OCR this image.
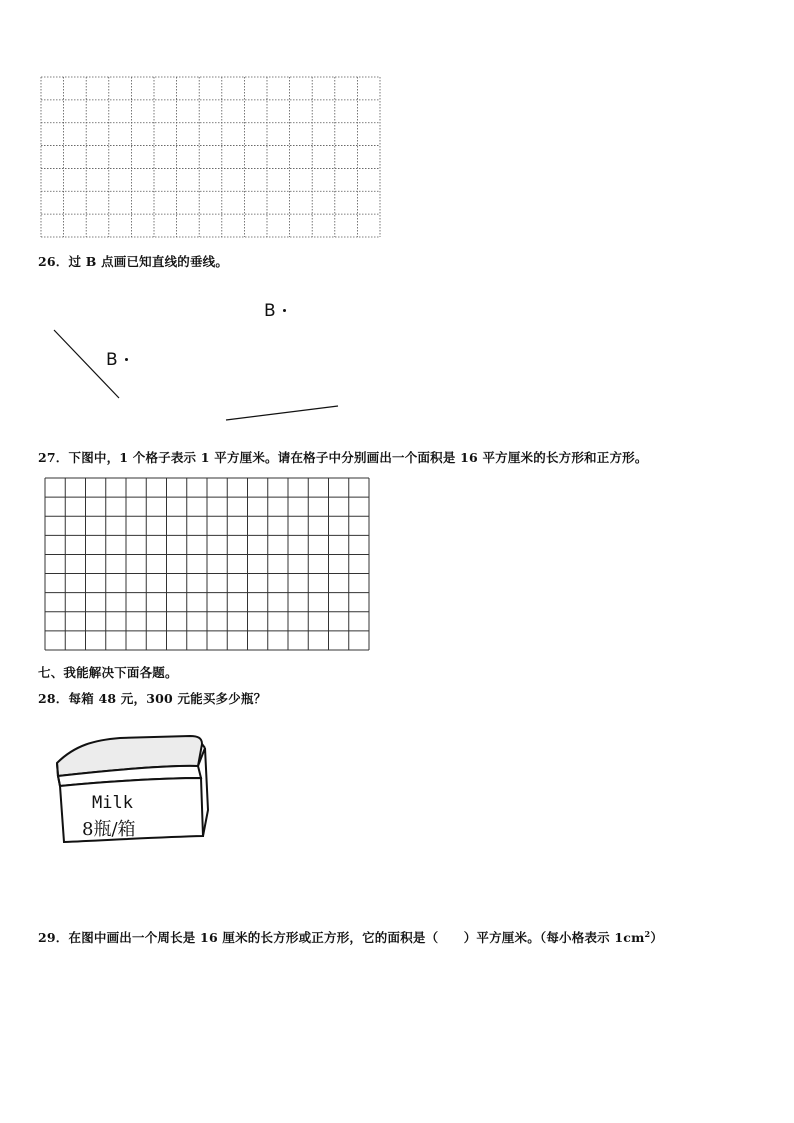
26．过 B 点画已知直线的垂线。
B
B
27．下图中，1 个格子表示 1 平方厘米。请在格子中分别画出一个面积是 16 平方厘米的长方形和正方形。
七、我能解决下面各题。
28．每箱 48 元，300 元能买多少瓶？
Milk
8瓶/箱
29．在图中画出一个周长是 16 厘米的长方形或正方形，它的面积是（　　）平方厘米。（每小格表示 $1cm^2$）
